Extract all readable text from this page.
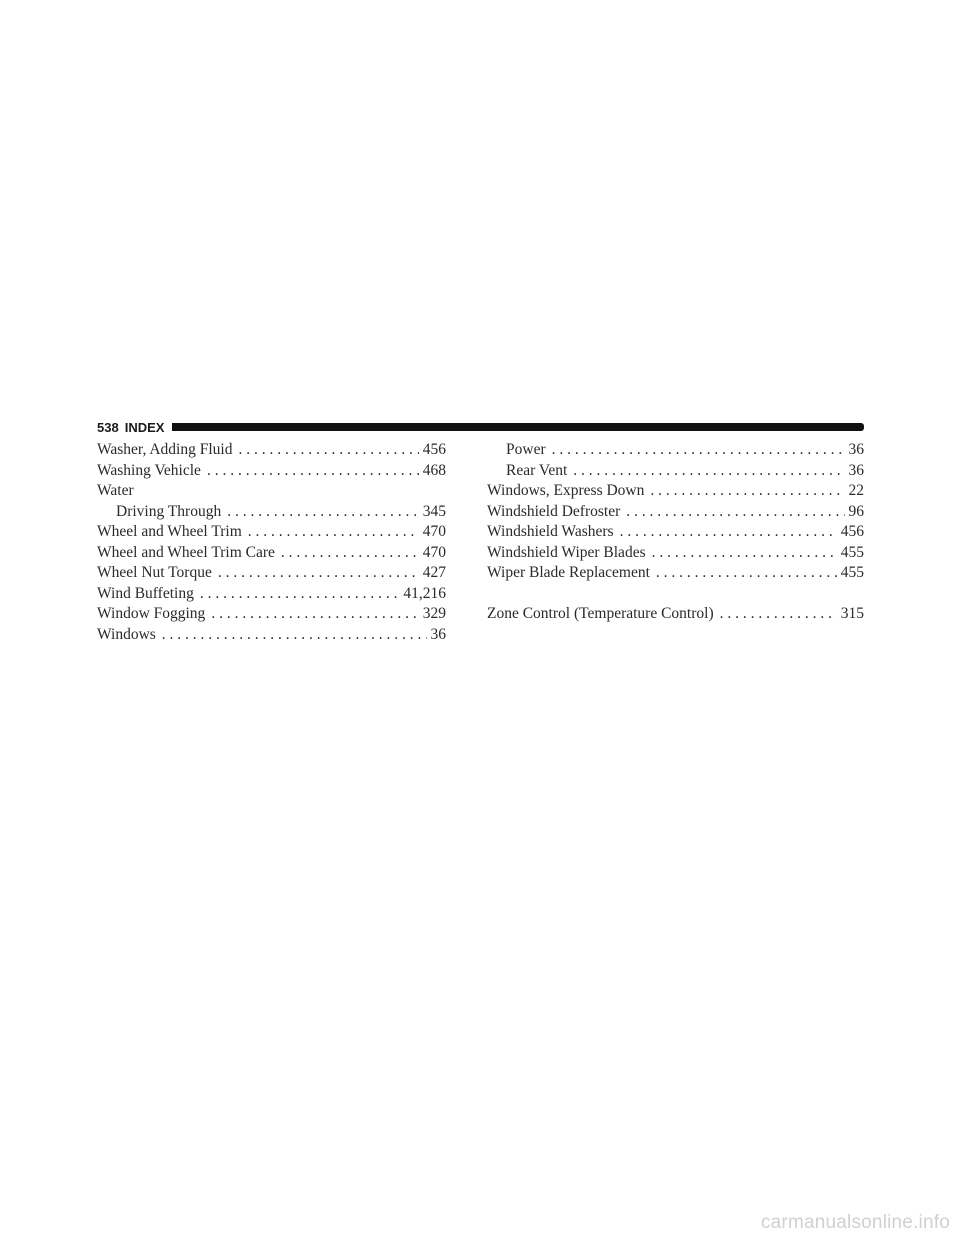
538 INDEX
Washer, Adding Fluid . . .	456
Washing Vehicle . . .	468
Water
Driving Through . . .	345
Wheel and Wheel Trim . . .	470
Wheel and Wheel Trim Care . . .	470
Wheel Nut Torque . . .	427
Wind Buffeting . . .	41,216
Window Fogging . . .	329
Windows . . .	36
Power . . .	36
Rear Vent . . .	36
Windows, Express Down . . .	22
Windshield Defroster . . .	96
Windshield Washers . . .	456
Windshield Wiper Blades . . .	455
Wiper Blade Replacement . . .	455
Zone Control (Temperature Control) . . .	315
carmanualsonline.info
